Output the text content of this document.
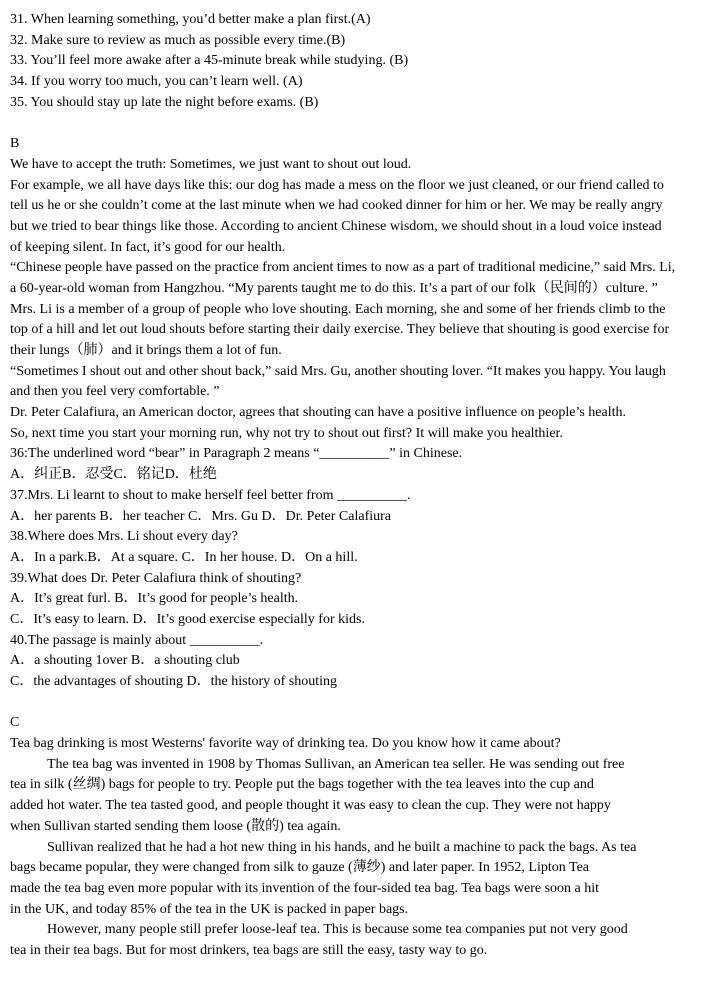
31. When learning something, you’d better make a plan first.(A)
32. Make sure to review as much as possible every time.(B)
33. You’ll feel more awake after a 45-minute break while studying. (B)
34. If you worry too much, you can’t learn well. (A)
35. You should stay up late the night before exams. (B)
B
We have to accept the truth: Sometimes, we just want to shout out loud.
For example, we all have days like this: our dog has made a mess on the floor we just cleaned, or our friend called to
tell us he or she couldn’t come at the last minute when we had cooked dinner for him or her. We may be really angry
but we tried to bear things like those. According to ancient Chinese wisdom, we should shout in a loud voice instead
of keeping silent. In fact, it’s good for our health.
“Chinese people have passed on the practice from ancient times to now as a part of traditional medicine,” said Mrs. Li,
a 60-year-old woman from Hangzhou. “My parents taught me to do this. It’s a part of our folk（民间的）culture. ”
Mrs. Li is a member of a group of people who love shouting. Each morning, she and some of her friends climb to the
top of a hill and let out loud shouts before starting their daily exercise. They believe that shouting is good exercise for
their lungs（肺）and it brings them a lot of fun.
“Sometimes I shout out and other shout back,” said Mrs. Gu, another shouting lover. “It makes you happy. You laugh
and then you feel very comfortable. ”
Dr. Peter Calafiura, an American doctor, agrees that shouting can have a positive influence on people’s health.
So, next time you start your morning run, why not try to shout out first? It will make you healthier.
36:The underlined word “bear” in Paragraph 2 means “__________” in Chinese.
A．纠正B．忍受C．铭记D．杜绝
37.Mrs. Li learnt to shout to make herself feel better from __________.
A．her parents B．her teacher C．Mrs. Gu D．Dr. Peter Calafiura
38.Where does Mrs. Li shout every day?
A．In a park.B．At a square. C．In her house. D．On a hill.
39.What does Dr. Peter Calafiura think of shouting?
A．It’s great furl. B．It’s good for people’s health.
C．It’s easy to learn. D．It’s good exercise especially for kids.
40.The passage is mainly about __________.
A．a shouting 1over B．a shouting club
C．the advantages of shouting D．the history of shouting
C
Tea bag drinking is most Westerns' favorite way of drinking tea. Do you know how it came about?
The tea bag was invented in 1908 by Thomas Sullivan, an American tea seller. He was sending out free
tea in silk (丝绸) bags for people to try. People put the bags together with the tea leaves into the cup and
added hot water. The tea tasted good, and people thought it was easy to clean the cup. They were not happy
when Sullivan started sending them loose (散的) tea again.
Sullivan realized that he had a hot new thing in his hands, and he built a machine to pack the bags. As tea
bags became popular, they were changed from silk to gauze (薄纱) and later paper. In 1952, Lipton Tea
made the tea bag even more popular with its invention of the four-sided tea bag. Tea bags were soon a hit
in the UK, and today 85% of the tea in the UK is packed in paper bags.
However, many people still prefer loose-leaf tea. This is because some tea companies put not very good
tea in their tea bags. But for most drinkers, tea bags are still the easy, tasty way to go.
